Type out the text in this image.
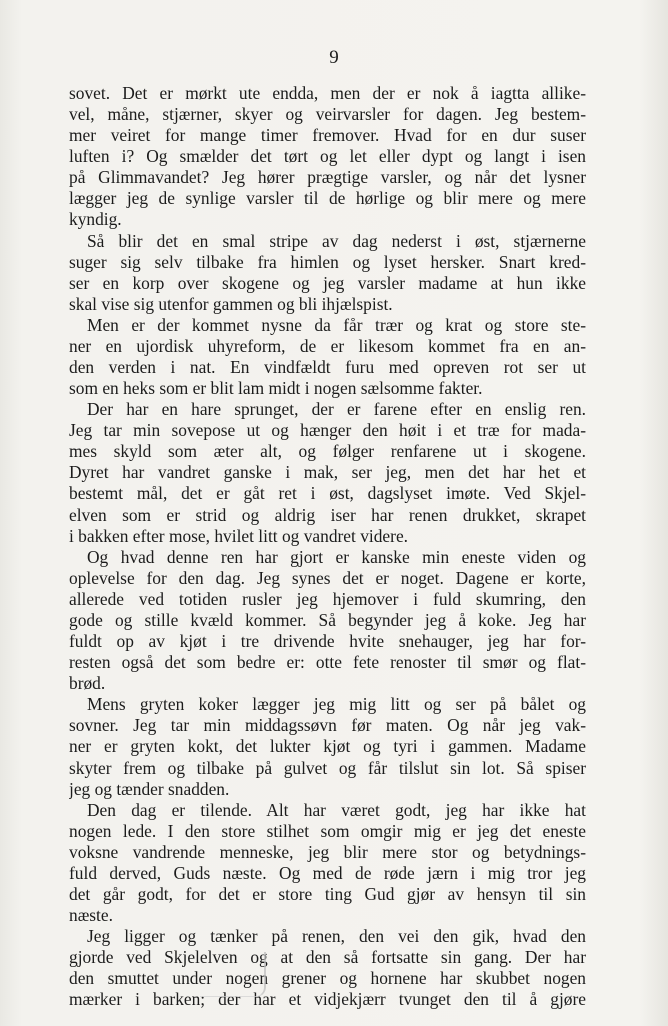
9
sovet. Det er mørkt ute endda, men der er nok å iagtta allike-
vel, måne, stjærner, skyer og veirvarsler for dagen. Jeg bestem-
mer veiret for mange timer fremover. Hvad for en dur suser
luften i? Og smælder det tørt og let eller dypt og langt i isen
på Glimmavandet? Jeg hører prægtige varsler, og når det lysner
lægger jeg de synlige varsler til de hørlige og blir mere og mere
kyndig.
Så blir det en smal stripe av dag nederst i øst, stjærnerne
suger sig selv tilbake fra himlen og lyset hersker. Snart kred-
ser en korp over skogene og jeg varsler madame at hun ikke
skal vise sig utenfor gammen og bli ihjælspist.
Men er der kommet nysne da får trær og krat og store ste-
ner en ujordisk uhyreform, de er likesom kommet fra en an-
den verden i nat. En vindfældt furu med opreven rot ser ut
som en heks som er blit lam midt i nogen sælsomme fakter.
Der har en hare sprunget, der er farene efter en enslig ren.
Jeg tar min sovepose ut og hænger den høit i et træ for mada-
mes skyld som æter alt, og følger renfarene ut i skogene.
Dyret har vandret ganske i mak, ser jeg, men det har het et
bestemt mål, det er gåt ret i øst, dagslyset imøte. Ved Skjel-
elven som er strid og aldrig iser har renen drukket, skrapet
i bakken efter mose, hvilet litt og vandret videre.
Og hvad denne ren har gjort er kanske min eneste viden og
oplevelse for den dag. Jeg synes det er noget. Dagene er korte,
allerede ved totiden rusler jeg hjemover i fuld skumring, den
gode og stille kvæld kommer. Så begynder jeg å koke. Jeg har
fuldt op av kjøt i tre drivende hvite snehauger, jeg har for-
resten også det som bedre er: otte fete renoster til smør og flat-
brød.
Mens gryten koker lægger jeg mig litt og ser på bålet og
sovner. Jeg tar min middagssøvn før maten. Og når jeg vak-
ner er gryten kokt, det lukter kjøt og tyri i gammen. Madame
skyter frem og tilbake på gulvet og får tilslut sin lot. Så spiser
jeg og tænder snadden.
Den dag er tilende. Alt har været godt, jeg har ikke hat
nogen lede. I den store stilhet som omgir mig er jeg det eneste
voksne vandrende menneske, jeg blir mere stor og betydnings-
fuld derved, Guds næste. Og med de røde jærn i mig tror jeg
det går godt, for det er store ting Gud gjør av hensyn til sin
næste.
Jeg ligger og tænker på renen, den vei den gik, hvad den
gjorde ved Skjelelven og at den så fortsatte sin gang. Der har
den smuttet under nogen grener og hornene har skubbet nogen
mærker i barken; der har et vidjekjærr tvunget den til å gjøre
